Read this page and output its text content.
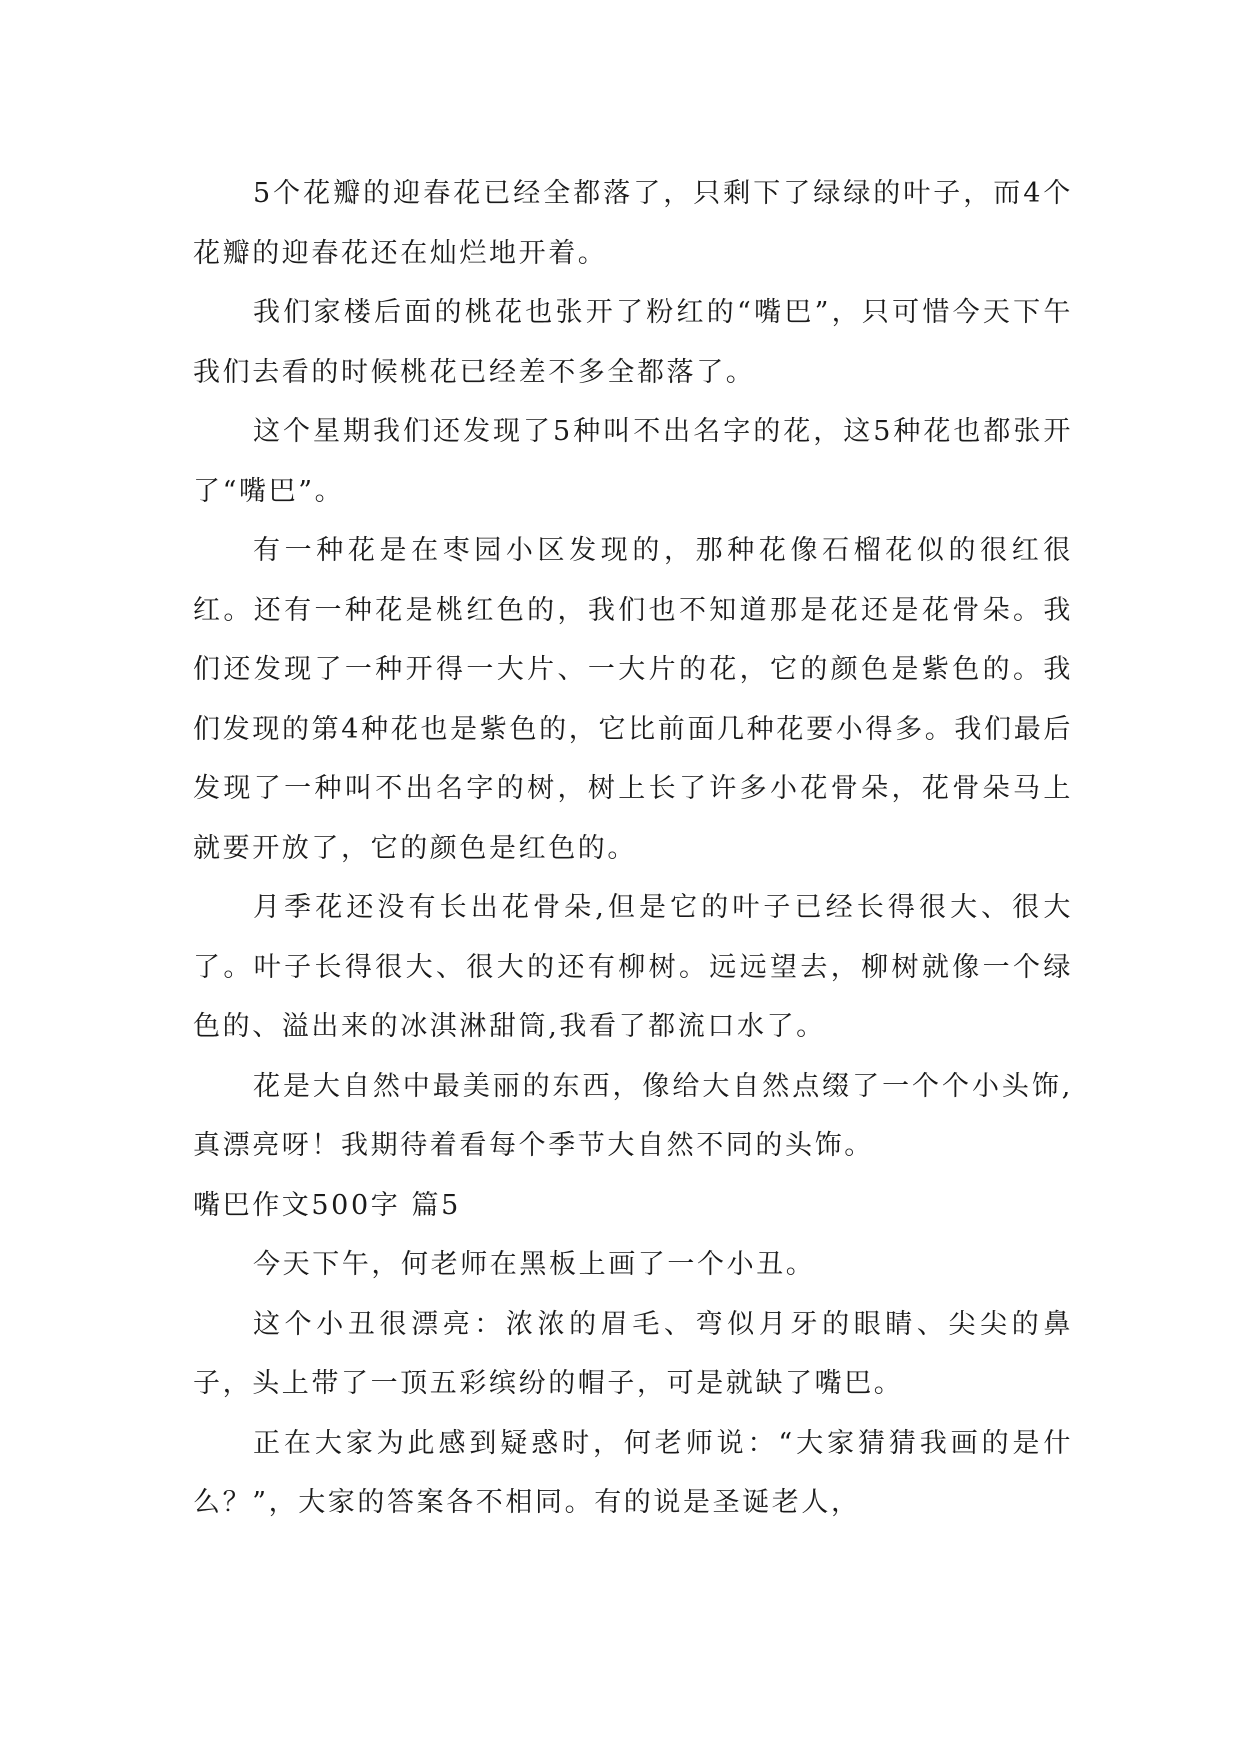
5个花瓣的迎春花已经全都落了，只剩下了绿绿的叶子，而4个花瓣的迎春花还在灿烂地开着。

我们家楼后面的桃花也张开了粉红的“嘴巴”，只可惜今天下午我们去看的时候桃花已经差不多全都落了。

这个星期我们还发现了5种叫不出名字的花，这5种花也都张开了“嘴巴”。

有一种花是在枣园小区发现的，那种花像石榴花似的很红很红。还有一种花是桃红色的，我们也不知道那是花还是花骨朵。我们还发现了一种开得一大片、一大片的花，它的颜色是紫色的。我们发现的第4种花也是紫色的，它比前面几种花要小得多。我们最后发现了一种叫不出名字的树，树上长了许多小花骨朵，花骨朵马上就要开放了，它的颜色是红色的。

月季花还没有长出花骨朵,但是它的叶子已经长得很大、很大了。叶子长得很大、很大的还有柳树。远远望去，柳树就像一个绿色的、溢出来的冰淇淋甜筒,我看了都流口水了。

花是大自然中最美丽的东西，像给大自然点缀了一个个小头饰,真漂亮呀！我期待着看每个季节大自然不同的头饰。

嘴巴作文500字 篇5

今天下午，何老师在黑板上画了一个小丑。

这个小丑很漂亮：浓浓的眉毛、弯似月牙的眼睛、尖尖的鼻子，头上带了一顶五彩缤纷的帽子，可是就缺了嘴巴。

正在大家为此感到疑惑时，何老师说：“大家猜猜我画的是什么？”，大家的答案各不相同。有的说是圣诞老人，
